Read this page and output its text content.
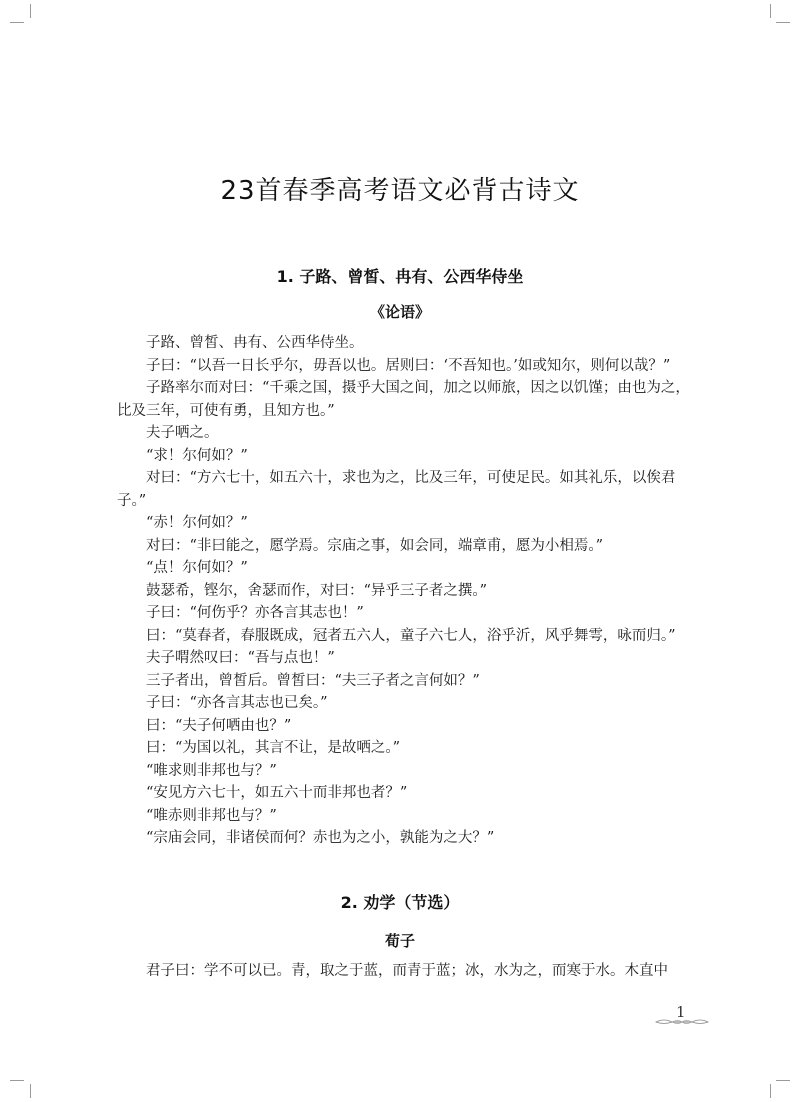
23首春季高考语文必背古诗文
1. 子路、曾皙、冉有、公西华侍坐
《论语》

子路、曾皙、冉有、公西华侍坐。

子曰：“以吾一日长乎尔，毋吾以也。居则曰：‘不吾知也。’如或知尔，则何以哉？”

子路率尔而对曰：“千乘之国，摄乎大国之间，加之以师旅，因之以饥馑；由也为之，比及三年，可使有勇，且知方也。”

夫子哂之。

“求！尔何如？”

对曰：“方六七十，如五六十，求也为之，比及三年，可使足民。如其礼乐，以俟君子。”

“赤！尔何如？”

对曰：“非曰能之，愿学焉。宗庙之事，如会同，端章甫，愿为小相焉。”

“点！尔何如？”

鼓瑟希，铿尔，舍瑟而作，对曰：“异乎三子者之撰。”

子曰：“何伤乎？亦各言其志也！”

曰：“莫春者，春服既成，冠者五六人，童子六七人，浴乎沂，风乎舞雩，咏而归。”

夫子喟然叹曰：“吾与点也！”

三子者出，曾皙后。曾皙曰：“夫三子者之言何如？”

子曰：“亦各言其志也已矣。”

曰：“夫子何哂由也？”

曰：“为国以礼，其言不让，是故哂之。”

“唯求则非邦也与？”

“安见方六七十，如五六十而非邦也者？”

“唯赤则非邦也与？”

“宗庙会同，非诸侯而何？赤也为之小，孰能为之大？”

2. 劝学（节选）
荀子

君子曰：学不可以已。青，取之于蓝，而青于蓝；冰，水为之，而寒于水。木直中

1
